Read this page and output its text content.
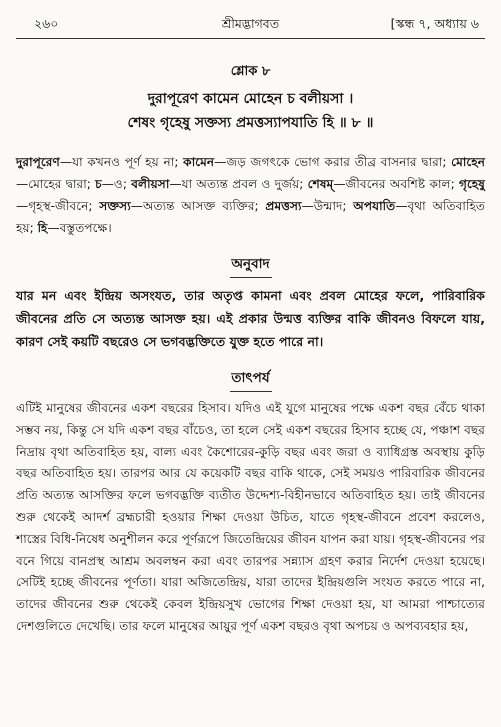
২৬০	শ্রীমদ্ভাগবত	[স্কন্ধ ৭, অধ্যায় ৬
শ্লোক ৮
দুরাপূরেণ কামেন মোহেন চ বলীয়সা ।
শেষং গৃহেষু সক্তস্য প্রমত্তস্যাপযাতি হি ॥ ৮ ॥
দুরাপূরেণ—যা কখনও পূর্ণ হয় না; কামেন—জড় জগৎকে ভোগ করার তীব্র বাসনার দ্বারা; মোহেন—মোহের দ্বারা; চ—ও; বলীয়সা—যা অত্যন্ত প্রবল ও দুর্জয়; শেষম্—জীবনের অবশিষ্ট কাল; গৃহেষু—গৃহস্থ-জীবনে; সক্তস্য—অত্যন্ত আসক্ত ব্যক্তির; প্রমত্তস্য—উন্মাদ; অপযাতি—বৃথা অতিবাহিত হয়; হি—বস্তুতপক্ষে।
অনুবাদ
যার মন এবং ইন্দ্রিয় অসংযত, তার অতৃপ্ত কামনা এবং প্রবল মোহের ফলে, পারিবারিক জীবনের প্রতি সে অত্যন্ত আসক্ত হয়। এই প্রকার উন্মত্ত ব্যক্তির বাকি জীবনও বিফলে যায়, কারণ সেই কয়টি বছরেও সে ভগবদ্ভক্তিতে যুক্ত হতে পারে না।
তাৎপর্য
এটিই মানুষের জীবনের একশ বছরের হিসাব। যদিও এই যুগে মানুষের পক্ষে একশ বছর বেঁচে থাকা সম্ভব নয়, কিন্তু সে যদি একশ বছর বাঁচেও, তা হলে সেই একশ বছরের হিসাব হচ্ছে যে, পঞ্চাশ বছর নিদ্রায় বৃথা অতিবাহিত হয়, বাল্য এবং কৈশোরের-কুড়ি বছর এবং জরা ও ব্যাধিগ্রস্ত অবস্থায় কুড়ি বছর অতিবাহিত হয়। তারপর আর যে কয়েকটি বছর বাকি থাকে, সেই সময়ও পারিবারিক জীবনের প্রতি অত্যন্ত আসক্তির ফলে ভগবদ্ভক্তি ব্যতীত উদ্দেশ্য-বিহীনভাবে অতিবাহিত হয়। তাই জীবনের শুরু থেকেই আদর্শ ব্রহ্মচারী হওয়ার শিক্ষা দেওয়া উচিত, যাতে গৃহস্থ-জীবনে প্রবেশ করলেও, শাস্ত্রের বিধি-নিষেধ অনুশীলন করে পূর্ণরূপে জিতেন্দ্রিয়ের জীবন যাপন করা যায়। গৃহস্থ-জীবনের পর বনে গিয়ে বানপ্রস্থ আশ্রম অবলম্বন করা এবং তারপর সন্ন্যাস গ্রহণ করার নির্দেশ দেওয়া হয়েছে। সেটিই হচ্ছে জীবনের পূর্ণতা। যারা অজিতেন্দ্রিয়, যারা তাদের ইন্দ্রিয়গুলি সংযত করতে পারে না, তাদের জীবনের শুরু থেকেই কেবল ইন্দ্রিয়সুখ ভোগের শিক্ষা দেওয়া হয়, যা আমরা পাশ্চাত্যের দেশগুলিতে দেখেছি। তার ফলে মানুষের আয়ুর পূর্ণ একশ বছরও বৃথা অপচয় ও অপব্যবহার হয়,
